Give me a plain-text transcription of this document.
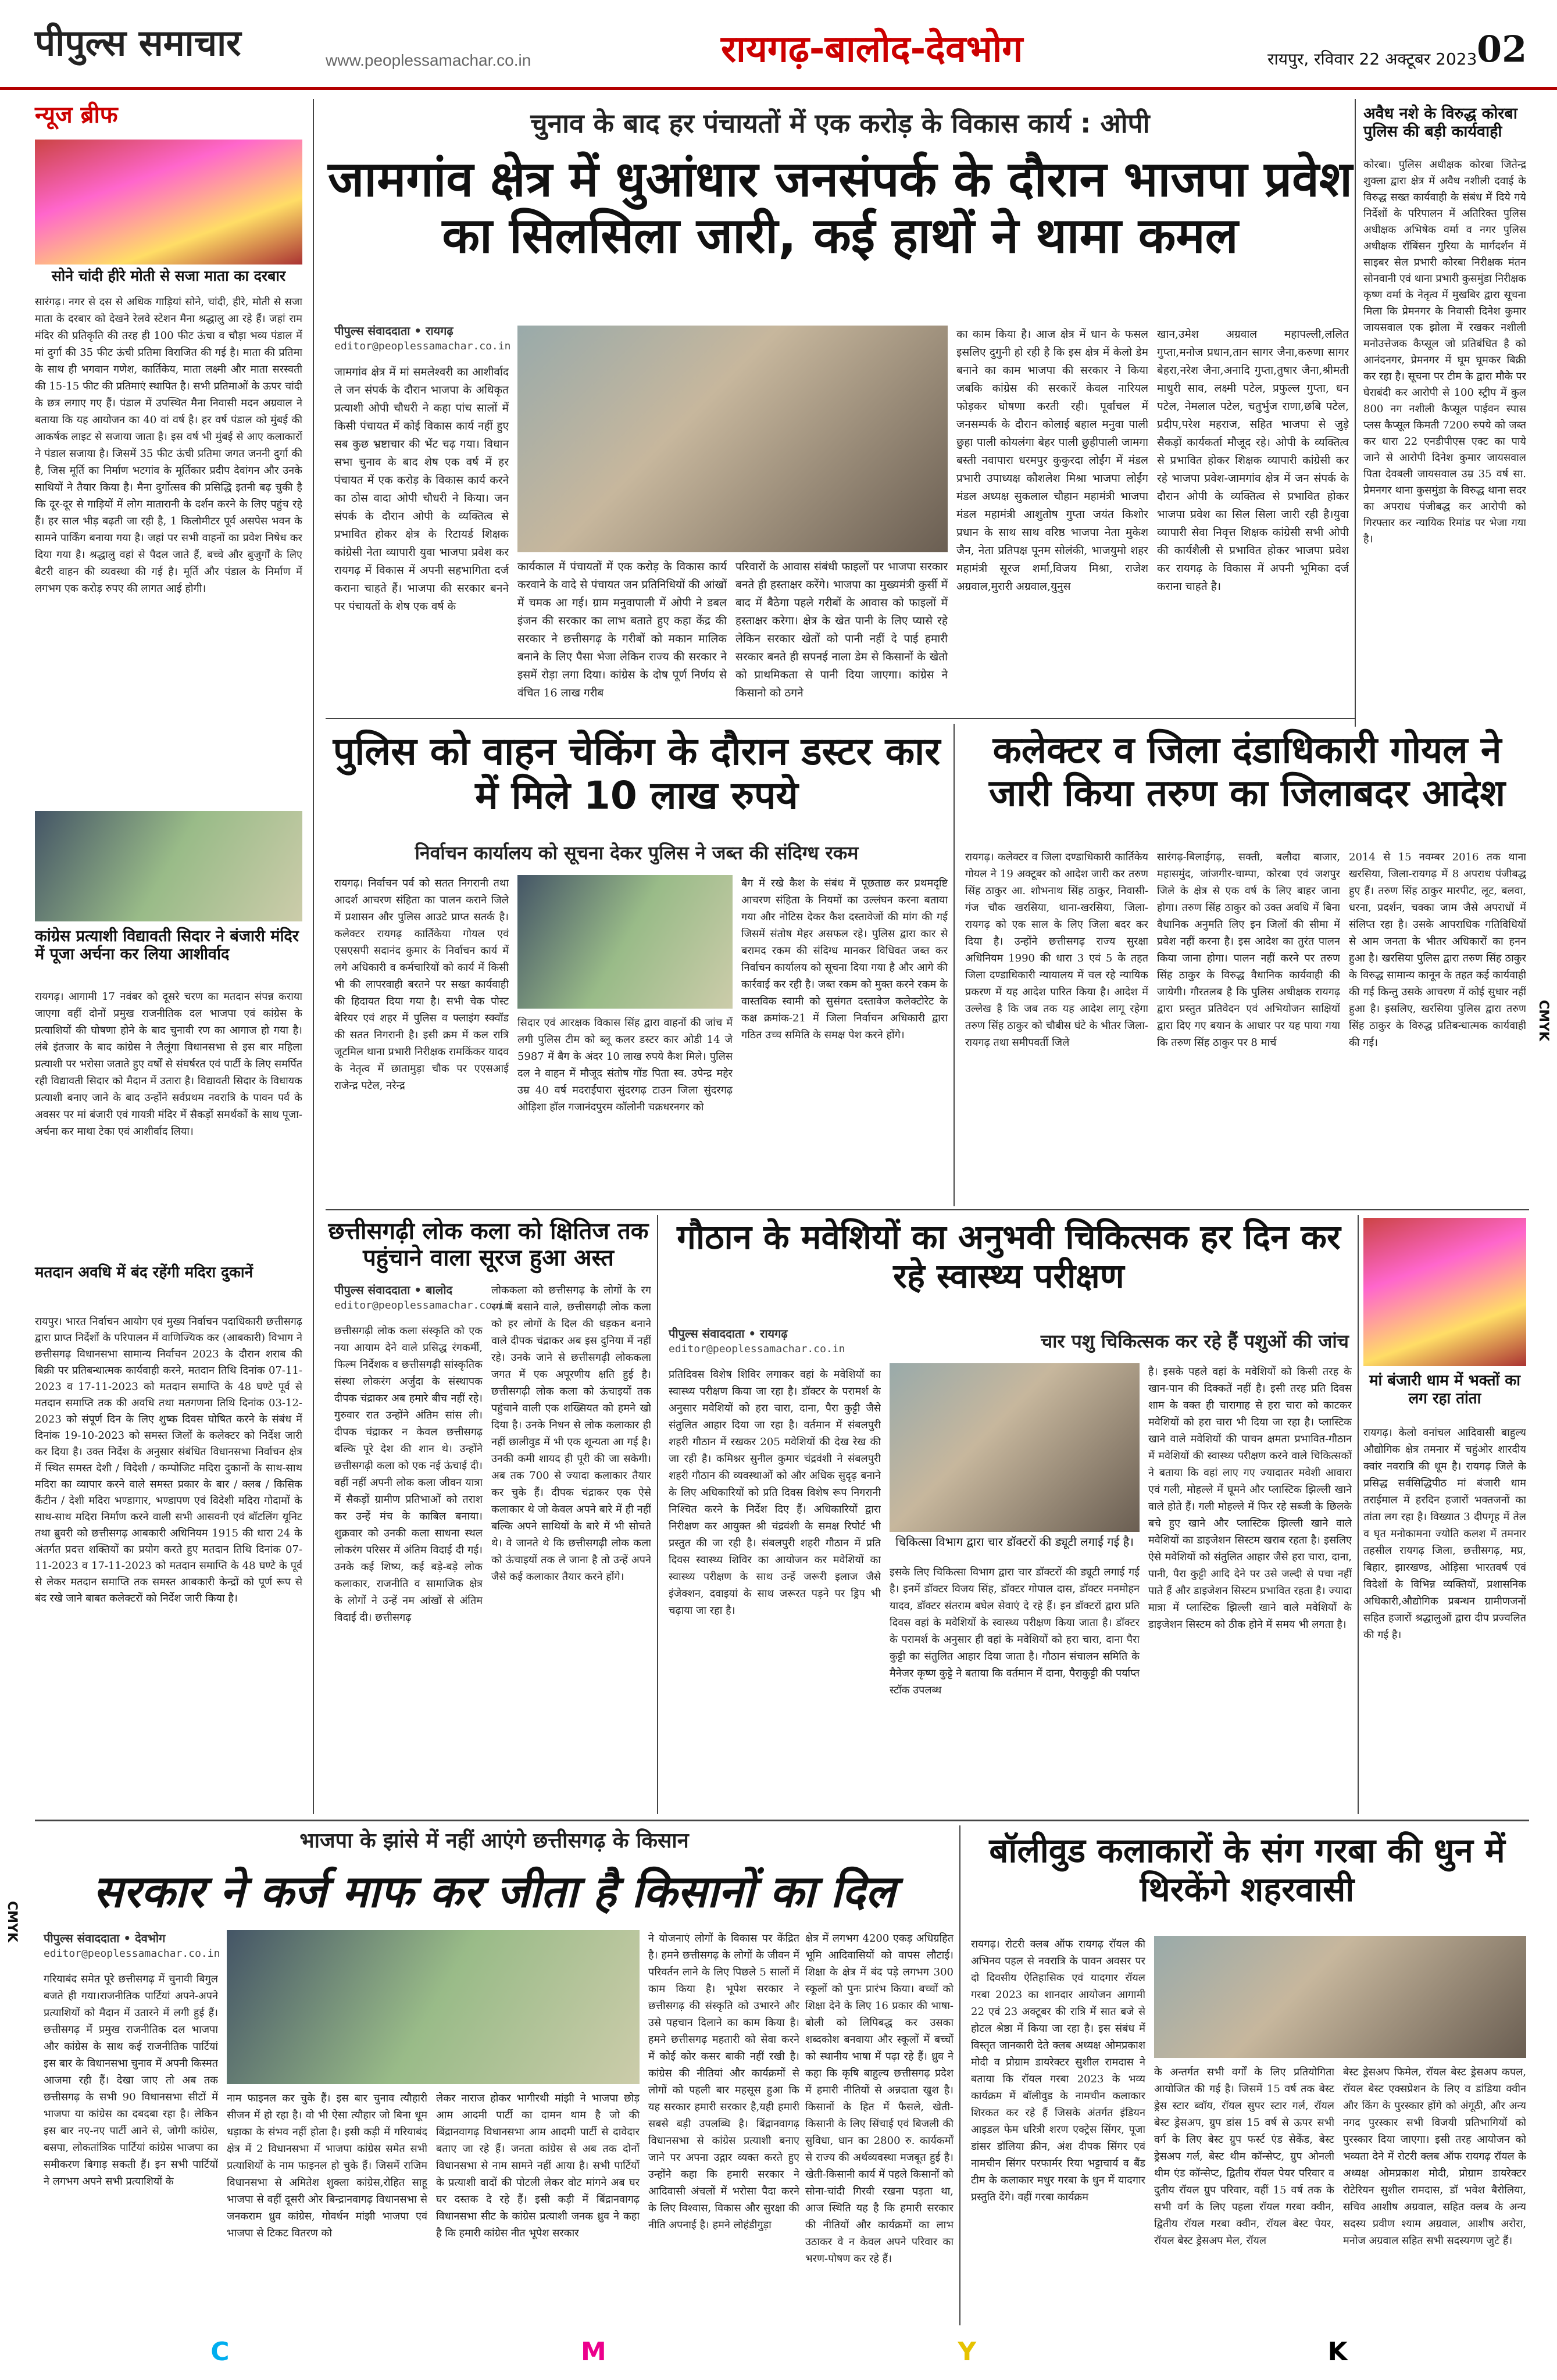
पीपुल्स समाचार	www.peoplessamachar.co.in	रायगढ़-बालोद-देवभोग	रायपुर, रविवार 22 अक्टूबर 2023 02
न्यूज ब्रीफ
सोने चांदी हीरे मोती से सजा माता का दरबार
सारंगढ़। नगर से दस से अधिक गाड़ियां सोने, चांदी, हीरे, मोती से सजा माता के दरबार को देखने रेलवे स्टेशन मैना श्रद्धालु आ रहे हैं। जहां राम मंदिर की प्रतिकृति की तरह ही 100 फीट ऊंचा व चौड़ा भव्य पंडाल में मां दुर्गा की 35 फीट ऊंची प्रतिमा विराजित की गई है। माता की प्रतिमा के साथ ही भगवान गणेश, कार्तिकेय, माता लक्ष्मी और माता सरस्वती की 15-15 फीट की प्रतिमाएं स्थापित है। सभी प्रतिमाओं के ऊपर चांदी के छत्र लगाए गए हैं। पंडाल में उपस्थित मैना निवासी मदन अग्रवाल ने बताया कि यह आयोजन का 40 वां वर्ष है। हर वर्ष पंडाल को मुंबई की आकर्षक लाइट से सजाया जाता है। इस वर्ष भी मुंबई से आए कलाकारों ने पंडाल सजाया है। जिसमें 35 फीट ऊंची प्रतिमा जगत जननी दुर्गा की है, जिस मूर्ति का निर्माण भटगांव के मूर्तिकार प्रदीप देवांगन और उनके साथियों ने तैयार किया है। मैना दुर्गोत्सव की प्रसिद्धि इतनी बढ़ चुकी है कि दूर-दूर से गाड़ियों में लोग मातारानी के दर्शन करने के लिए पहुंच रहे हैं। हर साल भीड़ बढ़ती जा रही है, 1 किलोमीटर पूर्व असपेस भवन के सामने पार्किंग बनाया गया है। जहां पर सभी वाहनों का प्रवेश निषेध कर दिया गया है। श्रद्धालु वहां से पैदल जाते हैं, बच्चे और बुजुर्गों के लिए बैटरी वाहन की व्यवस्था की गई है। मूर्ति और पंडाल के निर्माण में लगभग एक करोड़ रुपए की लागत आई होगी।
कांग्रेस प्रत्याशी विद्यावती सिदार ने बंजारी मंदिर में पूजा अर्चना कर लिया आशीर्वाद
रायगढ़। आगामी 17 नवंबर को दूसरे चरण का मतदान संपन्न कराया जाएगा वहीं दोनों प्रमुख राजनीतिक दल भाजपा एवं कांग्रेस के प्रत्याशियों की घोषणा होने के बाद चुनावी रण का आगाज हो गया है। लंबे इंतजार के बाद कांग्रेस ने लैलूंगा विधानसभा से इस बार महिला प्रत्याशी पर भरोसा जताते हुए वर्षों से संघर्षरत एवं पार्टी के लिए समर्पित रही विद्यावती सिदार को मैदान में उतारा है। विद्यावती सिदार के विधायक प्रत्याशी बनाए जाने के बाद उन्होंने सर्वप्रथम नवरात्रि के पावन पर्व के अवसर पर मां बंजारी एवं गायत्री मंदिर में सैकड़ों समर्थकों के साथ पूजा-अर्चना कर माथा टेका एवं आशीर्वाद लिया।
मतदान अवधि में बंद रहेंगी मदिरा दुकानें
रायपुर। भारत निर्वाचन आयोग एवं मुख्य निर्वाचन पदाधिकारी छत्तीसगढ़ द्वारा प्राप्त निर्देशों के परिपालन में वाणिज्यिक कर (आबकारी) विभाग ने छत्तीसगढ़ विधानसभा सामान्य निर्वाचन 2023 के दौरान शराब की बिक्री पर प्रतिबन्धात्मक कार्यवाही करने, मतदान तिथि दिनांक 07-11-2023 व 17-11-2023 को मतदान समाप्ति के 48 घण्टे पूर्व से मतदान समाप्ति तक की अवधि तथा मतगणना तिथि दिनांक 03-12-2023 को संपूर्ण दिन के लिए शुष्क दिवस घोषित करने के संबंध में दिनांक 19-10-2023 को समस्त जिलों के कलेक्टर को निर्देश जारी कर दिया है। उक्त निर्देश के अनुसार संबंधित विधानसभा निर्वाचन क्षेत्र में स्थित समस्त देशी / विदेशी / कम्पोजिट मदिरा दुकानों के साथ-साथ मदिरा का व्यापार करने वाले समस्त प्रकार के बार / क्लब / किसिक कैंटीन / देशी मदिरा भण्डागार, भण्डापण एवं विदेशी मदिरा गोदामों के साथ-साथ मदिरा निर्माण करने वाली सभी आसवनी एवं बॉटलिंग यूनिट तथा ब्रुवरी को छत्तीसगढ़ आबकारी अधिनियम 1915 की धारा 24 के अंतर्गत प्रदत्त शक्तियों का प्रयोग करते हुए मतदान तिथि दिनांक 07-11-2023 व 17-11-2023 को मतदान समाप्ति के 48 घण्टे के पूर्व से लेकर मतदान समाप्ति तक समस्त आबकारी केन्द्रों को पूर्ण रूप से बंद रखे जाने बाबत कलेक्टरों को निर्देश जारी किया है।
चुनाव के बाद हर पंचायतों में एक करोड़ के विकास कार्य : ओपी
जामगांव क्षेत्र में धुआंधार जनसंपर्क के दौरान भाजपा प्रवेश का सिलसिला जारी, कई हाथों ने थामा कमल
पीपुल्स संवाददाता • रायगढ़
editor@peoplessamachar.co.in
जामगांव क्षेत्र में मां समलेश्वरी का आशीर्वाद ले जन संपर्क के दौरान भाजपा के अधिकृत प्रत्याशी ओपी चौधरी ने कहा पांच सालों में किसी पंचायत में कोई विकास कार्य नहीं हुए सब कुछ भ्रष्टाचार की भेंट चढ़ गया। विधान सभा चुनाव के बाद शेष एक वर्ष में हर पंचायत में एक करोड़ के विकास कार्य करने का ठोस वादा ओपी चौधरी ने किया। जन संपर्क के दौरान ओपी के व्यक्तित्व से प्रभावित होकर क्षेत्र के रिटायर्ड शिक्षक कांग्रेसी नेता व्यापारी युवा भाजपा प्रवेश कर रायगढ़ में विकास में अपनी सहभागिता दर्ज कराना चाहते हैं। भाजपा की सरकार बनने पर पंचायतों के शेष एक वर्ष के
कार्यकाल में पंचायतों में एक करोड़ के विकास कार्य करवाने के वादे से पंचायत जन प्रतिनिधियों की आंखों में चमक आ गई। ग्राम मनुवापाली में ओपी ने डबल इंजन की सरकार का लाभ बताते हुए कहा केंद्र की सरकार ने छत्तीसगढ़ के गरीबों को मकान मालिक बनाने के लिए पैसा भेजा लेकिन राज्य की सरकार ने इसमें रोड़ा लगा दिया। कांग्रेस के दोष पूर्ण निर्णय से वंचित 16 लाख गरीब
परिवारों के आवास संबंधी फाइलों पर भाजपा सरकार बनते ही हस्ताक्षर करेंगे। भाजपा का मुख्यमंत्री कुर्सी में बाद में बैठेगा पहले गरीबों के आवास को फाइलों में हस्ताक्षर करेगा। क्षेत्र के खेत पानी के लिए प्यासे रहे लेकिन सरकार खेतों को पानी नहीं दे पाई हमारी सरकार बनते ही सपनई नाला डेम से किसानों के खेतो को प्राथमिकता से पानी दिया जाएगा। कांग्रेस ने किसानो को ठगने
का काम किया है। आज क्षेत्र में धान के फसल इसलिए दुगुनी हो रही है कि इस क्षेत्र में केलो डेम बनाने का काम भाजपा की सरकार ने किया जबकि कांग्रेस की सरकारें केवल नारियल फोड़कर घोषणा करती रही। पूर्वांचल में जनसम्पर्क के दौरान कोलाई बहाल मनुवा पाली छुहा पाली कोयलंगा बेहर पाली छुहीपाली जामगा बस्ती नवापारा धरमपुर कुकुरदा लोईंग में मंडल प्रभारी उपाध्यक्ष कौशलेश मिश्रा भाजपा लोईंग मंडल अध्यक्ष सुकलाल चौहान महामंत्री भाजपा मंडल महामंत्री आशुतोष गुप्ता जयंत किशोर प्रधान के साथ साथ वरिष्ठ भाजपा नेता मुकेश जैन, नेता प्रतिपक्ष पूनम सोलंकी, भाजयुमो शहर महामंत्री सूरज शर्मा,विजय मिश्रा, राजेश अग्रवाल,मुरारी अग्रवाल,युनुस
खान,उमेश अग्रवाल महापल्ली,ललित गुप्ता,मनोज प्रधान,तान सागर जैना,करुणा सागर बेहरा,नरेश जैना,अनादि गुप्ता,तुषार जैना,श्रीमती माधुरी साव, लक्ष्मी पटेल, प्रफुल्ल गुप्ता, धन पटेल, नेमलाल पटेल, चतुर्भुज राणा,छबि पटेल, प्रदीप,परेश महराज, सहित भाजपा से जुड़े सैकड़ों कार्यकर्ता मौजूद रहे। ओपी के व्यक्तित्व से प्रभावित होकर शिक्षक व्यापारी कांग्रेसी कर रहे भाजपा प्रवेश-जामगांव क्षेत्र में जन संपर्क के दौरान ओपी के व्यक्तित्व से प्रभावित होकर भाजपा प्रवेश का सिल सिला जारी रही है।युवा व्यापारी सेवा निवृत्त शिक्षक कांग्रेसी सभी ओपी की कार्यशैली से प्रभावित होकर भाजपा प्रवेश कर रायगढ़ के विकास में अपनी भूमिका दर्ज कराना चाहते है।
अवैध नशे के विरुद्ध कोरबा पुलिस की बड़ी कार्यवाही
कोरबा। पुलिस अधीक्षक कोरबा जितेन्द्र शुक्ला द्वारा क्षेत्र में अवैध नशीली दवाई के विरुद्ध सख्त कार्यवाही के संबंध में दिये गये निर्देशों के परिपालन में अतिरिक्त पुलिस अधीक्षक अभिषेक वर्मा व नगर पुलिस अधीक्षक रॉबिंसन गुरिया के मार्गदर्शन में साइबर सेल प्रभारी कोरबा निरीक्षक मंतन सोनवानी एवं थाना प्रभारी कुसमुंडा निरीक्षक कृष्ण वर्मा के नेतृत्व में मुखबिर द्वारा सूचना मिला कि प्रेमनगर के निवासी दिनेश कुमार जायसवाल एक झोला में रखकर नशीली मनोउत्तेजक कैप्सूल जो प्रतिबंधित है को आनंदनगर, प्रेमनगर में घूम घूमकर बिक्री कर रहा है। सूचना पर टीम के द्वारा मौके पर घेराबंदी कर आरोपी से 100 स्ट्रीप में कुल 800 नग नशीली कैप्सूल पाईवन स्पास प्लस कैप्सूल किमती 7200 रुपये को जब्त कर धारा 22 एनडीपीएस एक्ट का पाये जाने से आरोपी दिनेश कुमार जायसवाल पिता देवबली जायसवाल उम्र 35 वर्ष सा. प्रेमनगर थाना कुसमुंडा के विरुद्ध थाना सदर का अपराध पंजीबद्ध कर आरोपी को गिरफ्तार कर न्यायिक रिमांड पर भेजा गया है।
पुलिस को वाहन चेकिंग के दौरान डस्टर कार में मिले 10 लाख रुपये
निर्वाचन कार्यालय को सूचना देकर पुलिस ने जब्त की संदिग्ध रकम
रायगढ़। निर्वाचन पर्व को सतत निगरानी तथा आदर्श आचरण संहिता का पालन कराने जिले में प्रशासन और पुलिस आउटे प्राप्त सतर्क है। कलेक्टर रायगढ़ कार्तिकेया गोयल एवं एसएसपी सदानंद कुमार के निर्वाचन कार्य में लगे अधिकारी व कर्मचारियों को कार्य में किसी भी की लापरवाही बरतने पर सख्त कार्यवाही की हिदायत दिया गया है। सभी चेक पोस्ट बेरियर एवं शहर में पुलिस व फ्लाइंग स्क्वॉड की सतत निगरानी है। इसी क्रम में कल रात्रि जूटमिल थाना प्रभारी निरीक्षक रामकिंकर यादव के नेतृत्व में छातामुड़ा चौक पर एएसआई राजेन्द्र पटेल, नरेन्द्र
सिदार एवं आरक्षक विकास सिंह द्वारा वाहनों की जांच में लगी पुलिस टीम को ब्लू कलर डस्टर कार ओडी 14 जे 5987 में बैग के अंदर 10 लाख रुपये कैश मिले। पुलिस दल ने वाहन में मौजूद संतोष गोंड पिता स्व. उपेन्द्र महेर उम्र 40 वर्ष मदराईपारा सुंदरगढ़ टाउन जिला सुंदरगढ़ ओड़िशा हॉल गजानंदपुरम कॉलोनी चक्रधरनगर को
बैग में रखे कैश के संबंध में पूछताछ कर प्रथमदृष्टि आचरण संहिता के नियमों का उल्लंघन करना बताया गया और नोटिस देकर कैश दस्तावेजों की मांग की गई जिसमें संतोष मेहर असफल रहे। पुलिस द्वारा कार से बरामद रकम की संदिग्ध मानकर विधिवत जब्त कर निर्वाचन कार्यालय को सूचना दिया गया है और आगे की कार्रवाई कर रही है। जब्त रकम को मुक्त करने रकम के वास्तविक स्वामी को सुसंगत दस्तावेज कलेक्टोरेट के कक्ष क्रमांक-21 में जिला निर्वाचन अधिकारी द्वारा गठित उच्च समिति के समक्ष पेश करने होंगे।
कलेक्टर व जिला दंडाधिकारी गोयल ने जारी किया तरुण का जिलाबदर आदेश
रायगढ़। कलेक्टर व जिला दण्डाधिकारी कार्तिकेय गोयल ने 19 अक्टूबर को आदेश जारी कर तरुण सिंह ठाकुर आ. शोभनाथ सिंह ठाकुर, निवासी-गंज चौक खरसिया, थाना-खरसिया, जिला-रायगढ़ को एक साल के लिए जिला बदर कर दिया है। उन्होंने छत्तीसगढ़ राज्य सुरक्षा अधिनियम 1990 की धारा 3 एवं 5 के तहत जिला दण्डाधिकारी न्यायालय में चल रहे न्यायिक प्रकरण में यह आदेश पारित किया है। आदेश में उल्लेख है कि जब तक यह आदेश लागू रहेगा तरुण सिंह ठाकुर को चौबीस घंटे के भीतर जिला-रायगढ़ तथा समीपवर्ती जिले
सारंगढ़-बिलाईगढ़, सक्ती, बलौदा बाजार, महासमुंद, जांजगीर-चाम्पा, कोरबा एवं जशपुर जिले के क्षेत्र से एक वर्ष के लिए बाहर जाना होगा। तरुण सिंह ठाकुर को उक्त अवधि में बिना वैधानिक अनुमति लिए इन जिलों की सीमा में प्रवेश नहीं करना है। इस आदेश का तुरंत पालन किया जाना होगा। पालन नहीं करने पर तरुण सिंह ठाकुर के विरुद्ध वैधानिक कार्यवाही की जायेगी। गौरतलब है कि पुलिस अधीक्षक रायगढ़ द्वारा प्रस्तुत प्रतिवेदन एवं अभियोजन साक्षियों द्वारा दिए गए बयान के आधार पर यह पाया गया कि तरुण सिंह ठाकुर पर 8 मार्च
2014 से 15 नवम्बर 2016 तक थाना खरसिया, जिला-रायगढ़ में 8 अपराध पंजीबद्ध हुए हैं। तरुण सिंह ठाकुर मारपीट, लूट, बलवा, धरना, प्रदर्शन, चक्का जाम जैसे अपराधों में संलिप्त रहा है। उसके आपराधिक गतिविधियों से आम जनता के भीतर अधिकारों का हनन हुआ है। खरसिया पुलिस द्वारा तरुण सिंह ठाकुर के विरुद्ध सामान्य कानून के तहत कई कार्यवाही की गई किन्तु उसके आचरण में कोई सुधार नहीं हुआ है। इसलिए, खरसिया पुलिस द्वारा तरुण सिंह ठाकुर के विरुद्ध प्रतिबन्धात्मक कार्यवाही की गई।
छत्तीसगढ़ी लोक कला को क्षितिज तक पहुंचाने वाला सूरज हुआ अस्त
पीपुल्स संवाददाता • बालोद
editor@peoplessamachar.co.in
छत्तीसगढ़ी लोक कला संस्कृति को एक नया आयाम देने वाले प्रसिद्ध रंगकर्मी, फिल्म निर्देशक व छत्तीसगढ़ी सांस्कृतिक संस्था लोकरंग अर्जुंदा के संस्थापक दीपक चंद्राकर अब हमारे बीच नहीं रहे। गुरुवार रात उन्होंने अंतिम सांस ली। दीपक चंद्राकर न केवल छत्तीसगढ़ बल्कि पूरे देश की शान थे। उन्होंने छत्तीसगढ़ी कला को एक नई ऊंचाई दी। वहीं नहीं अपनी लोक कला जीवन यात्रा में सैकड़ों ग्रामीण प्रतिभाओं को तराश कर उन्हें मंच के काबिल बनाया। शुक्रवार को उनकी कला साधना स्थल लोकरंग परिसर में अंतिम विदाई दी गई। उनके कई शिष्य, कई बड़े-बड़े लोक कलाकार, राजनीति व सामाजिक क्षेत्र के लोगों ने उन्हें नम आंखों से अंतिम विदाई दी। छत्तीसगढ़
लोककला को छत्तीसगढ़ के लोगों के रग रग में बसाने वाले, छत्तीसगढ़ी लोक कला को हर लोगों के दिल की धड़कन बनाने वाले दीपक चंद्राकर अब इस दुनिया में नहीं रहे। उनके जाने से छत्तीसगढ़ी लोककला जगत में एक अपूरणीय क्षति हुई है। छत्तीसगढ़ी लोक कला को ऊंचाइयों तक पहुंचाने वाली एक शख्सियत को हमने खो दिया है। उनके निधन से लोक कलाकार ही नहीं छालीवुड में भी एक शून्यता आ गई है। उनकी कमी शायद ही पूरी की जा सकेगी। अब तक 700 से ज्यादा कलाकार तैयार कर चुके हैं। दीपक चंद्राकर एक ऐसे कलाकार थे जो केवल अपने बारे में ही नहीं बल्कि अपने साथियों के बारे में भी सोचते थे। वे जानते थे कि छत्तीसगढ़ी लोक कला को ऊंचाइयों तक ले जाना है तो उन्हें अपने जैसे कई कलाकार तैयार करने होंगे।
गौठान के मवेशियों का अनुभवी चिकित्सक हर दिन कर रहे स्वास्थ्य परीक्षण
चार पशु चिकित्सक कर रहे हैं पशुओं की जांच
पीपुल्स संवाददाता • रायगढ़
editor@peoplessamachar.co.in
प्रतिदिवस विशेष शिविर लगाकर वहां के मवेशियों का स्वास्थ्य परीक्षण किया जा रहा है। डॉक्टर के परामर्श के अनुसार मवेशियों को हरा चारा, दाना, पैरा कुट्टी जैसे संतुलित आहार दिया जा रहा है। वर्तमान में संबलपुरी शहरी गौठान में रखकर 205 मवेशियों की देख रेख की जा रही है। कमिश्नर सुनील कुमार चंद्रवंशी ने संबलपुरी शहरी गौठान की व्यवस्थाओं को और अधिक सुदृढ़ बनाने के लिए अधिकारियों को प्रति दिवस विशेष रूप निगरानी निश्चित करने के निर्देश दिए हैं। अधिकारियों द्वारा निरीक्षण कर आयुक्त श्री चंद्रवंशी के समक्ष रिपोर्ट भी प्रस्तुत की जा रही है। संबलपुरी शहरी गौठान में प्रति दिवस स्वास्थ्य शिविर का आयोजन कर मवेशियों का स्वास्थ्य परीक्षण के साथ उन्हें जरूरी इलाज जैसे इंजेक्शन, दवाइयां के साथ जरूरत पड़ने पर ड्रिप भी चढ़ाया जा रहा है।
चिकित्सा विभाग द्वारा चार डॉक्टरों की ड्यूटी लगाई गई है।
इसके लिए चिकित्सा विभाग द्वारा चार डॉक्टरों की ड्यूटी लगाई गई है। इनमें डॉक्टर विजय सिंह, डॉक्टर गोपाल दास, डॉक्टर मनमोहन यादव, डॉक्टर संतराम बघेल सेवाएं दे रहे हैं। इन डॉक्टरों द्वारा प्रति दिवस वहां के मवेशियों के स्वास्थ्य परीक्षण किया जाता है। डॉक्टर के परामर्श के अनुसार ही वहां के मवेशियों को हरा चारा, दाना पैरा कुट्टी का संतुलित आहार दिया जाता है। गौठान संचालन समिति के मैनेजर कृष्ण कुट्टे ने बताया कि वर्तमान में दाना, पैराकुट्टी की पर्याप्त स्टॉक उपलब्ध
है। इसके पहले वहां के मवेशियों को किसी तरह के खान-पान की दिक्कतें नहीं है। इसी तरह प्रति दिवस शाम के वक्त ही चारागाह से हरा चारा को काटकर मवेशियों को हरा चारा भी दिया जा रहा है। प्लास्टिक खाने वाले मवेशियों की पाचन क्षमता प्रभावित-गौठान में मवेशियों की स्वास्थ्य परीक्षण करने वाले चिकित्सकों ने बताया कि वहां लाए गए ज्यादातर मवेशी आवारा एवं गली, मोहल्ले में घूमने और प्लास्टिक झिल्ली खाने वाले होते हैं। गली मोहल्ले में फिर रहे सब्जी के छिलके बचे हुए खाने और प्लास्टिक झिल्ली खाने वाले मवेशियों का डाइजेशन सिस्टम खराब रहता है। इसलिए ऐसे मवेशियों को संतुलित आहार जैसे हरा चारा, दाना, पानी, पैरा कुट्टी आदि देने पर उसे जल्दी से पचा नहीं पाते हैं और डाइजेशन सिस्टम प्रभावित रहता है। ज्यादा मात्रा में प्लास्टिक झिल्ली खाने वाले मवेशियों के डाइजेशन सिस्टम को ठीक होने में समय भी लगता है।
मां बंजारी धाम में भक्तों का लग रहा तांता
रायगढ़। केलो वनांचल आदिवासी बाहुल्य औद्योगिक क्षेत्र तमनार में चहुंओर शारदीय क्वांर नवरात्रि की धूम है। रायगढ़ जिले के प्रसिद्ध सर्वसिद्धिपीठ मां बंजारी धाम तराईमाल में हरदिन हजारों भक्तजनों का तांता लग रहा है। विख्यात 3 दीपगृह में तेल व घृत मनोकामना ज्योति कलश में तमनार तहसील रायगढ़ जिला, छत्तीसगढ़, मप्र, बिहार, झारखण्ड, ओड़िसा भारतवर्ष एवं विदेशों के विभिन्न व्यक्तियों, प्रशासनिक अधिकारी,औद्योगिक प्रबन्धन ग्रामीणजनों सहित हजारों श्रद्धालुओं द्वारा दीप प्रज्वलित की गई है।
भाजपा के झांसे में नहीं आएंगे छत्तीसगढ़ के किसान
सरकार ने कर्ज माफ कर जीता है किसानों का दिल
पीपुल्स संवाददाता • देवभोग
editor@peoplessamachar.co.in
गरियाबंद समेत पूरे छत्तीसगढ़ में चुनावी बिगुल बजते ही गया।राजनीतिक पार्टियां अपने-अपने प्रत्याशियों को मैदान में उतारने में लगी हुई हैं। छत्तीसगढ़ में प्रमुख राजनीतिक दल भाजपा और कांग्रेस के साथ कई राजनीतिक पार्टियां इस बार के विधानसभा चुनाव में अपनी किस्मत आजमा रही हैं। देखा जाए तो अब तक छत्तीसगढ़ के सभी 90 विधानसभा सीटों में भाजपा या कांग्रेस का दबदबा रहा है। लेकिन इस बार नए-नए पार्टी आने से, जोगी कांग्रेस, बसपा, लोकतांत्रिक पार्टियां कांग्रेस भाजपा का समीकरण बिगाड़ सकती हैं। इन सभी पार्टियों ने लगभग अपने सभी प्रत्याशियों के
नाम फाइनल कर चुके हैं। इस बार चुनाव त्यौहारी सीजन में हो रहा है। वो भी ऐसा त्यौहार जो बिना धूम धड़ाका के संभव नहीं होता है। इसी कड़ी में गरियाबंद क्षेत्र में 2 विधानसभा में भाजपा कांग्रेस समेत सभी प्रत्याशियों के नाम फाइनल हो चुके हैं। जिसमें राजिम विधानसभा से अमितेश शुक्ला कांग्रेस,रोहित साहू भाजपा से वहीं दूसरी ओर बिन्द्रानवागढ़ विधानसभा से जनकराम ध्रुव कांग्रेस, गोवर्धन मांझी भाजपा एवं भाजपा से टिकट वितरण को
लेकर नाराज होकर भागीरथी मांझी ने भाजपा छोड़ आम आदमी पार्टी का दामन थाम है जो की बिंद्रानवागढ़ विधानसभा आम आदमी पार्टी से दावेदार बताए जा रहे हैं। जनता कांग्रेस से अब तक दोनों विधानसभा से नाम सामने नहीं आया है। सभी पार्टियों के प्रत्याशी वादों की पोटली लेकर वोट मांगने अब घर घर दस्तक दे रहे हैं। इसी कड़ी में बिंद्रानवागढ़ विधानसभा सीट के कांग्रेस प्रत्याशी जनक ध्रुव ने कहा है कि हमारी कांग्रेस नीत भूपेश सरकार
ने योजनाएं लोगों के विकास पर केंद्रित है। हमने छत्तीसगढ़ के लोगों के जीवन में परिवर्तन लाने के लिए पिछले 5 सालों में काम किया है। भूपेश सरकार ने छत्तीसगढ़ की संस्कृति को उभारने और उसे पहचान दिलाने का काम किया है। हमने छत्तीसगढ़ महतारी को सेवा करने में कोई कोर कसर बाकी नहीं रखी है। कांग्रेस की नीतियां और कार्यक्रमों से लोगों को पहली बार महसूस हुआ कि यह सरकार हमारी सरकार है,यही हमारी सबसे बड़ी उपलब्धि है। बिंद्रानवागढ़ विधानसभा से कांग्रेस प्रत्याशी बनाए जाने पर अपना उद्गार व्यक्त करते हुए उन्होंने कहा कि हमारी सरकार ने आदिवासी अंचलों में भरोसा पैदा करने के लिए विश्वास, विकास और सुरक्षा की नीति अपनाई है। हमने लोहंडीगुड़ा
क्षेत्र में लगभग 4200 एकड़ अधिग्रहित भूमि आदिवासियों को वापस लौटाई। शिक्षा के क्षेत्र में बंद पड़े लगभग 300 स्कूलों को पुनः प्रारंभ किया। बच्चों को शिक्षा देने के लिए 16 प्रकार की भाषा-बोली को लिपिबद्ध कर उसका शब्दकोश बनवाया और स्कूलों में बच्चों को स्थानीय भाषा में पढ़ा रहे हैं। ध्रुव ने कहा कि कृषि बाहुल्य छत्तीसगढ़ प्रदेश में हमारी नीतियों से अन्नदाता खुश है। किसानों के हित में फैसले, खेती-किसानी के लिए सिंचाई एवं बिजली की सुविधा, धान का 2800 रु. कार्यकर्मों से राज्य की अर्थव्यवस्था मजबूत हुई है। खेती-किसानी कार्य में पहले किसानों को सोना-चांदी गिरवी रखना पड़ता था, आज स्थिति यह है कि हमारी सरकार की नीतियों और कार्यक्रमों का लाभ उठाकर वे न केवल अपने परिवार का भरण-पोषण कर रहे हैं।
बॉलीवुड कलाकारों के संग गरबा की धुन में थिरकेंगे शहरवासी
रायगढ़। रोटरी क्लब ऑफ रायगढ़ रॉयल की अभिनव पहल से नवरात्रि के पावन अवसर पर दो दिवसीय ऐतिहासिक एवं यादगार रॉयल गरबा 2023 का शानदार आयोजन आगामी 22 एवं 23 अक्टूबर की रात्रि में सात बजे से होटल श्रेष्ठा में किया जा रहा है। इस संबंध में विस्तृत जानकारी देते क्लब अध्यक्ष ओमप्रकाश मोदी व प्रोग्राम डायरेक्टर सुशील रामदास ने बताया कि रॉयल गरबा 2023 के भव्य कार्यक्रम में बॉलीवुड के नामचीन कलाकार शिरकत कर रहे हैं जिसके अंतर्गत इंडियन आइडल फेम धरित्री शरण एक्ट्रेस सिंगर, पूजा डांसर डॉलिया क्रीन, अंश दीपक सिंगर एवं नामचीन सिंगर परफार्मर रिया भट्टाचार्य व बैंड टीम के कलाकार मधुर गरबा के धुन में यादगार प्रस्तुति देंगे। वहीं गरबा कार्यक्रम
के अन्तर्गत सभी वर्गों के लिए प्रतियोगिता आयोजित की गई है। जिसमें 15 वर्ष तक बेस्ट ड्रेस स्टार ब्वॉय, रॉयल सुपर स्टार गर्ल, रॉयल बेस्ट ड्रेसअप, ग्रुप डांस 15 वर्ष से ऊपर सभी वर्ग के लिए बेस्ट ग्रुप फर्स्ट एंड सेकेंड, बेस्ट ड्रेसअप गर्ल, बेस्ट थीम कॉन्सेप्ट, ग्रुप ओनली थीम एंड कॉन्सेप्ट, द्वितीय रॉयल पेयर परिवार व दुतीय रॉयल ग्रुप परिवार, वहीं 15 वर्ष तक के सभी वर्ग के लिए पहला रॉयल गरबा क्वीन, द्वितीय रॉयल गरबा क्वीन, रॉयल बेस्ट पेयर, रॉयल बेस्ट ड्रेसअप मेल, रॉयल
बेस्ट ड्रेसअप फिमेल, रॉयल बेस्ट ड्रेसअप कपल, रॉयल बेस्ट एक्सप्रेशन के लिए व डांडिया क्वीन और किंग के पुरस्कार होंगे को अंगूठी, और अन्य नगद पुरस्कार सभी विजयी प्रतिभागियों को पुरस्कार दिया जाएगा। इसी तरह आयोजन को भव्यता देने में रोटरी क्लब ऑफ रायगढ़ रॉयल के अध्यक्ष ओमप्रकाश मोदी, प्रोग्राम डायरेक्टर रोटेरियन सुशील रामदास, डॉ भवेश बैरोलिया, सचिव आशीष अग्रवाल, सहित क्लब के अन्य सदस्य प्रवीण श्याम अग्रवाल, आशीष अरोरा, मनोज अग्रवाल सहित सभी सदस्यगण जुटे हैं।
C	M	Y	K
CMYK
CMYK
